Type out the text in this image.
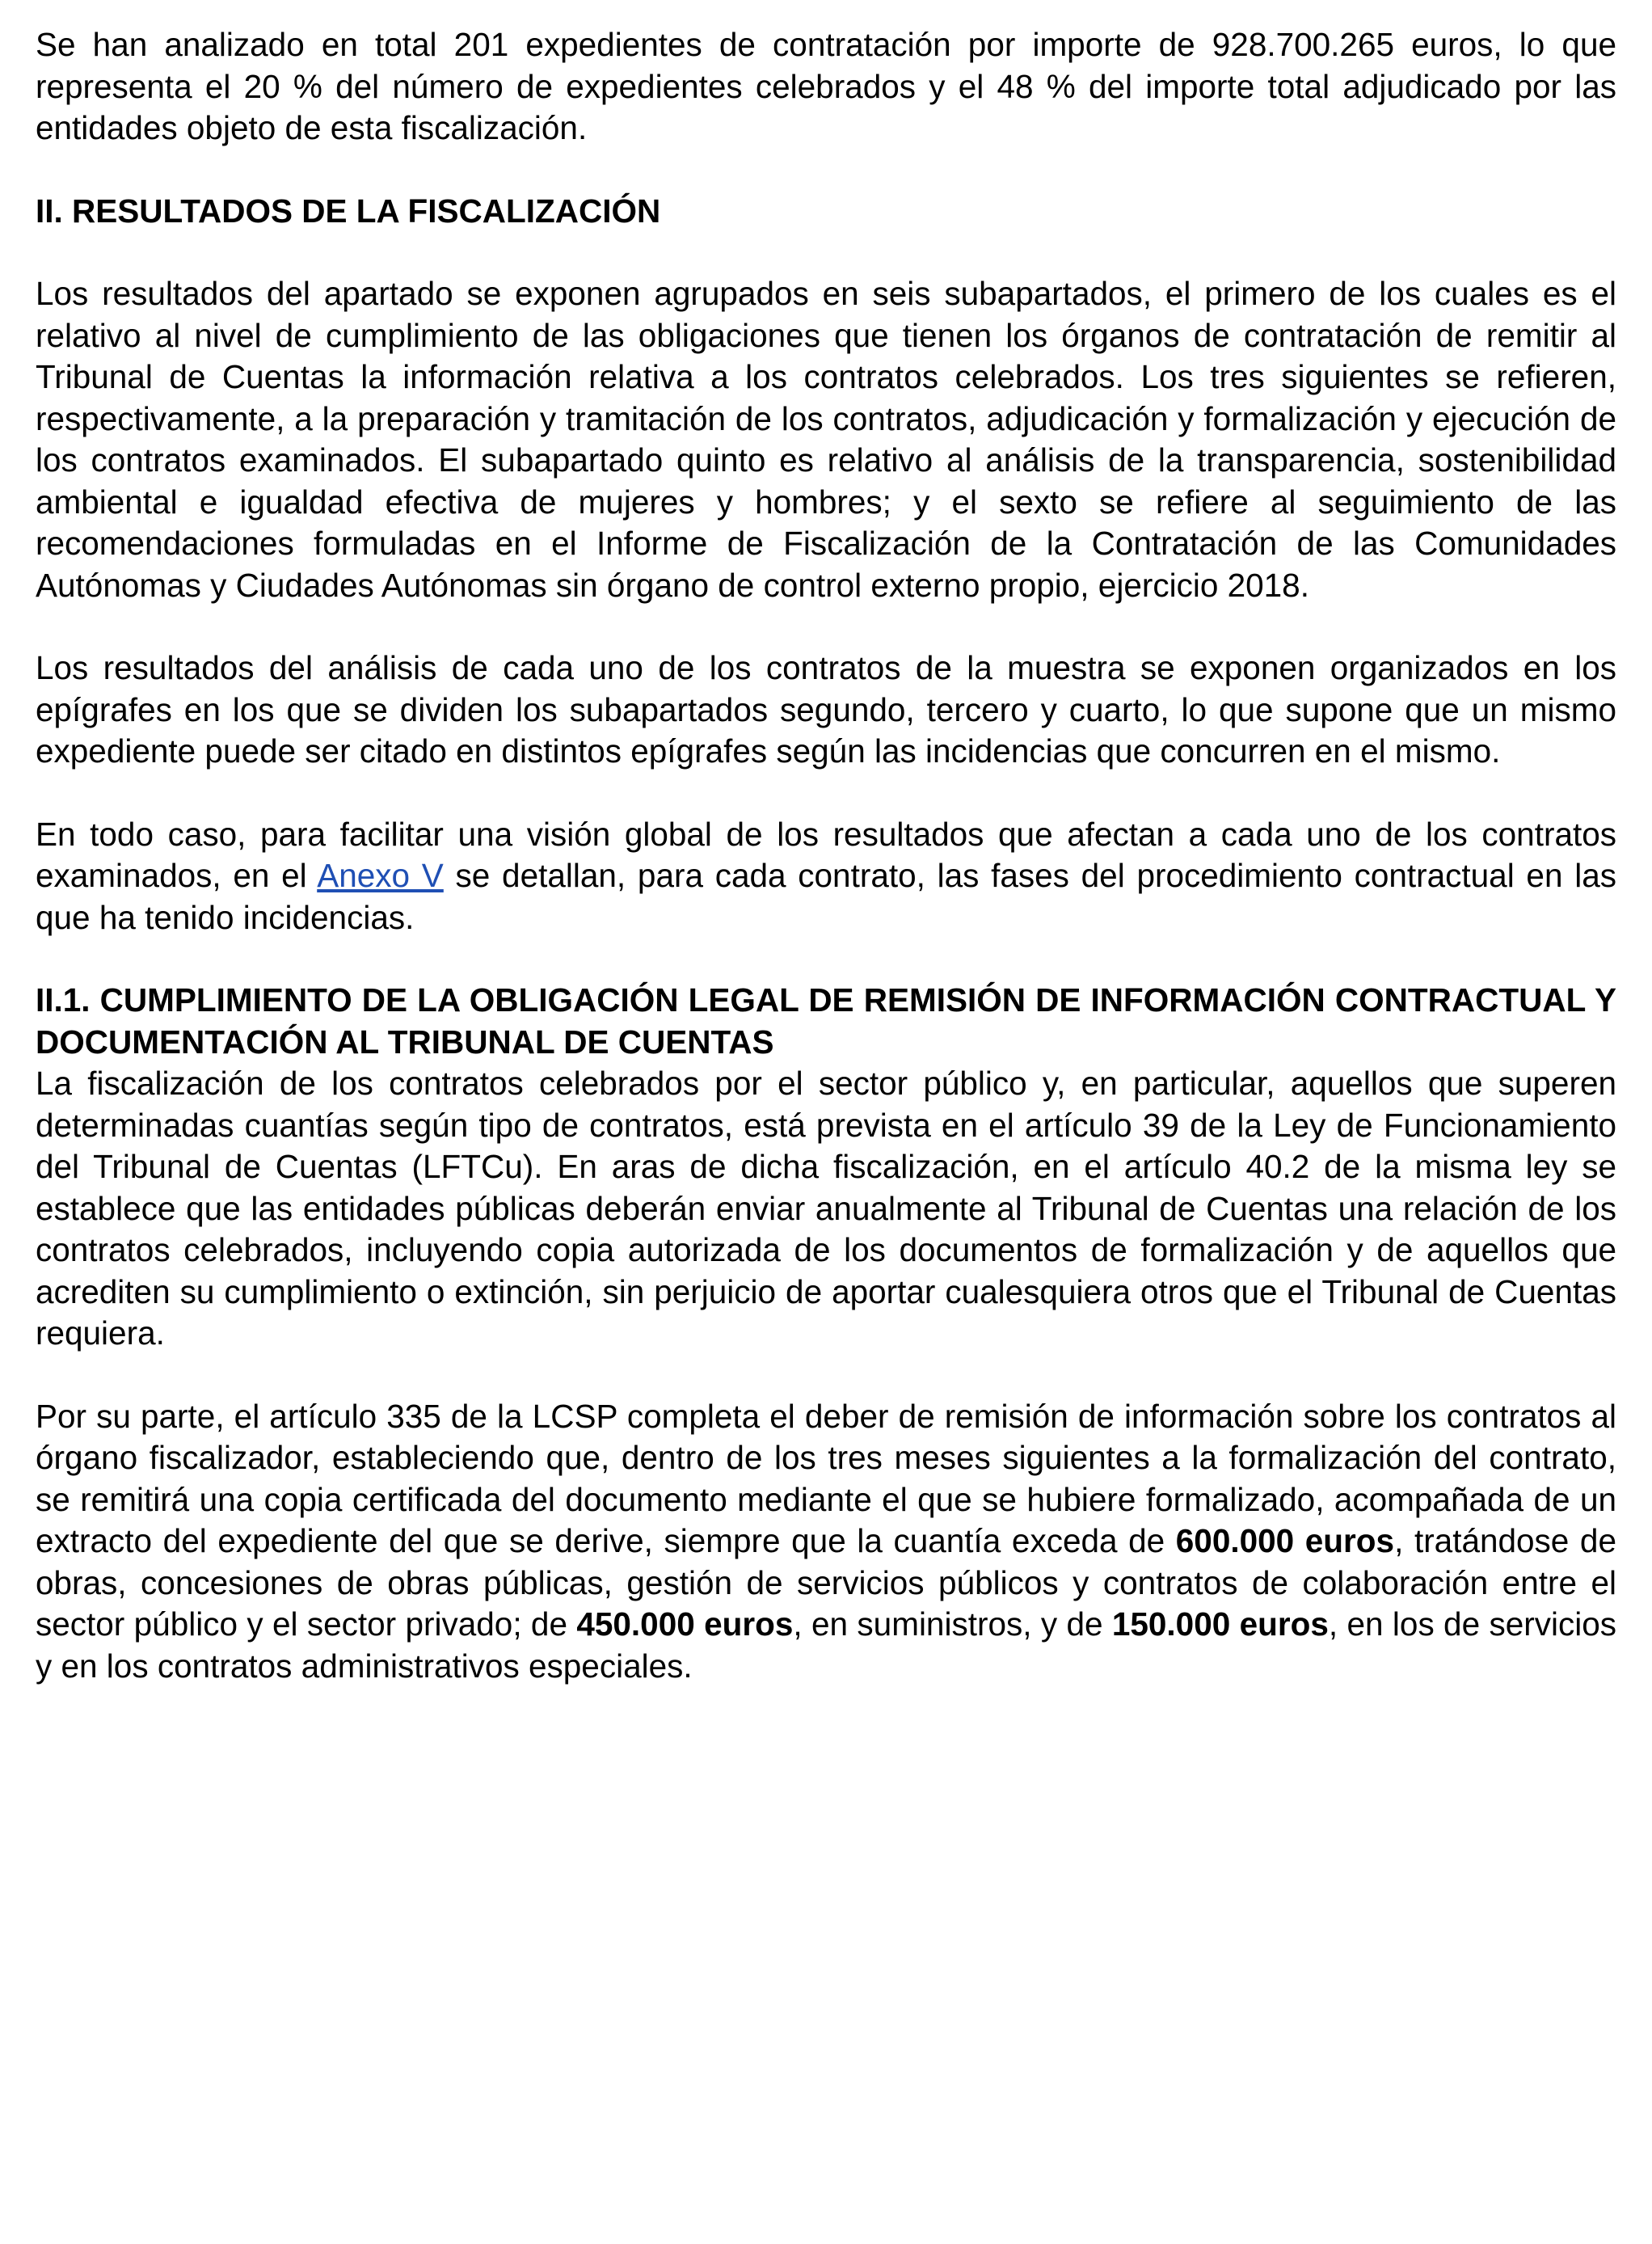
Se han analizado en total 201 expedientes de contratación por importe de 928.700.265 euros, lo que representa el 20 % del número de expedientes celebrados y el 48 % del importe total adjudicado por las entidades objeto de esta fiscalización.

II. RESULTADOS DE LA FISCALIZACIÓN

Los resultados del apartado se exponen agrupados en seis subapartados, el primero de los cuales es el relativo al nivel de cumplimiento de las obligaciones que tienen los órganos de contratación de remitir al Tribunal de Cuentas la información relativa a los contratos celebrados. Los tres siguientes se refieren, respectivamente, a la preparación y tramitación de los contratos, adjudicación y formalización y ejecución de los contratos examinados. El subapartado quinto es relativo al análisis de la transparencia, sostenibilidad ambiental e igualdad efectiva de mujeres y hombres; y el sexto se refiere al seguimiento de las recomendaciones formuladas en el Informe de Fiscalización de la Contratación de las Comunidades Autónomas y Ciudades Autónomas sin órgano de control externo propio, ejercicio 2018.

Los resultados del análisis de cada uno de los contratos de la muestra se exponen organizados en los epígrafes en los que se dividen los subapartados segundo, tercero y cuarto, lo que supone que un mismo expediente puede ser citado en distintos epígrafes según las incidencias que concurren en el mismo.

En todo caso, para facilitar una visión global de los resultados que afectan a cada uno de los contratos examinados, en el Anexo V se detallan, para cada contrato, las fases del procedimiento contractual en las que ha tenido incidencias.

II.1. CUMPLIMIENTO DE LA OBLIGACIÓN LEGAL DE REMISIÓN DE INFORMACIÓN CONTRACTUAL Y DOCUMENTACIÓN AL TRIBUNAL DE CUENTAS

La fiscalización de los contratos celebrados por el sector público y, en particular, aquellos que superen determinadas cuantías según tipo de contratos, está prevista en el artículo 39 de la Ley de Funcionamiento del Tribunal de Cuentas (LFTCu). En aras de dicha fiscalización, en el artículo 40.2 de la misma ley se establece que las entidades públicas deberán enviar anualmente al Tribunal de Cuentas una relación de los contratos celebrados, incluyendo copia autorizada de los documentos de formalización y de aquellos que acrediten su cumplimiento o extinción, sin perjuicio de aportar cualesquiera otros que el Tribunal de Cuentas requiera.

Por su parte, el artículo 335 de la LCSP completa el deber de remisión de información sobre los contratos al órgano fiscalizador, estableciendo que, dentro de los tres meses siguientes a la formalización del contrato, se remitirá una copia certificada del documento mediante el que se hubiere formalizado, acompañada de un extracto del expediente del que se derive, siempre que la cuantía exceda de 600.000 euros, tratándose de obras, concesiones de obras públicas, gestión de servicios públicos y contratos de colaboración entre el sector público y el sector privado; de 450.000 euros, en suministros, y de 150.000 euros, en los de servicios y en los contratos administrativos especiales.
